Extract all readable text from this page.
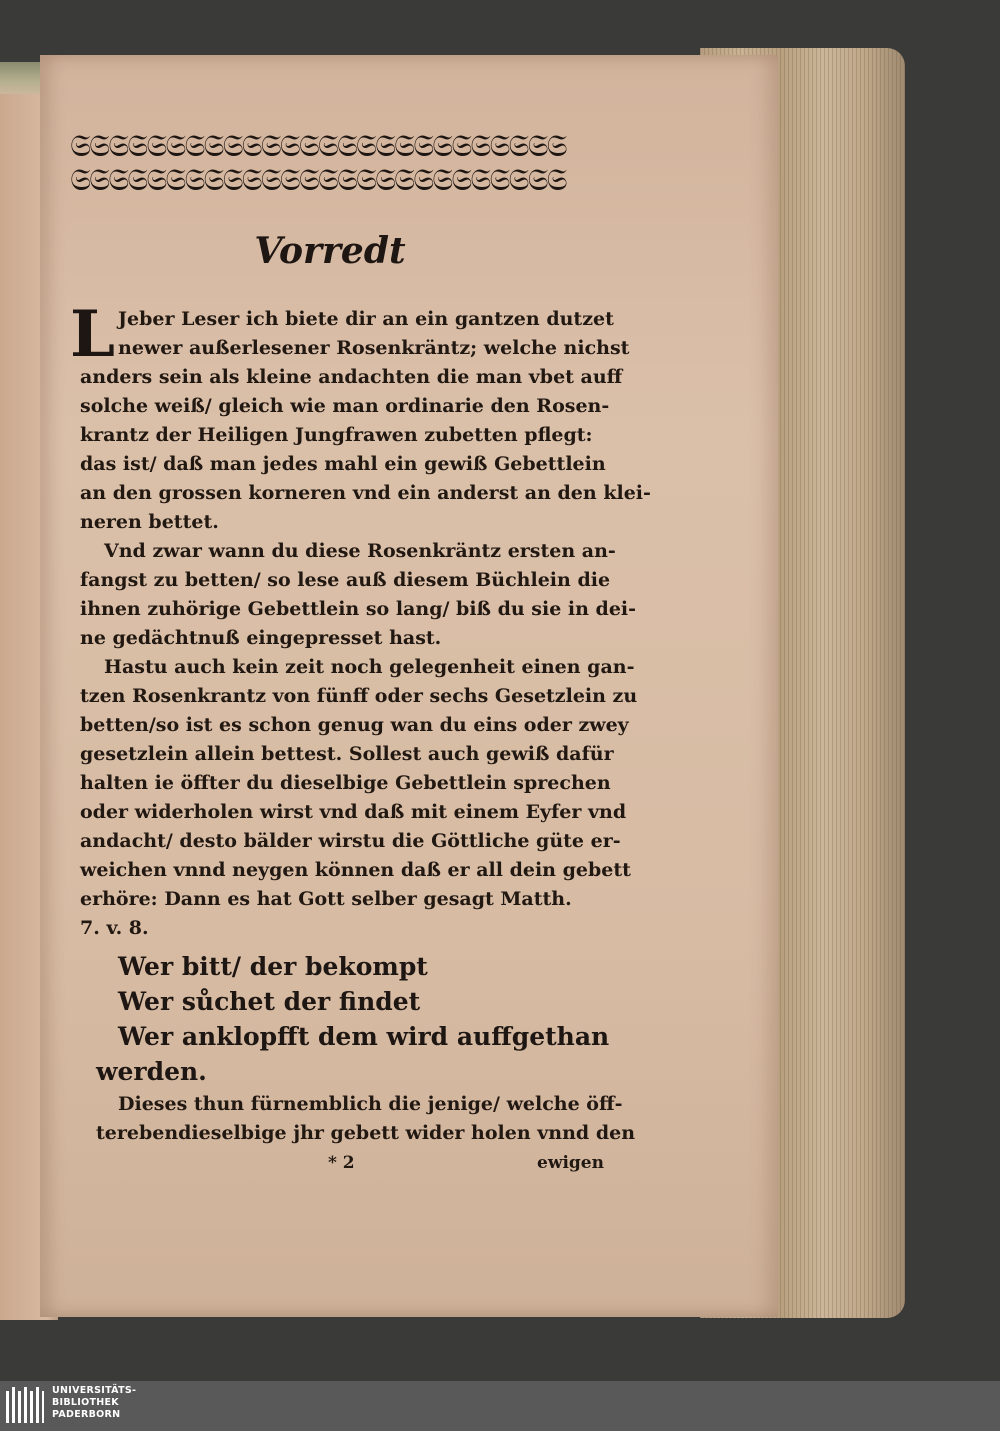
𝔖𝔖𝔖𝔖𝔖𝔖𝔖𝔖𝔖𝔖𝔖𝔖𝔖𝔖𝔖𝔖𝔖𝔖𝔖𝔖𝔖𝔖𝔖𝔖𝔖𝔖
𝔖𝔖𝔖𝔖𝔖𝔖𝔖𝔖𝔖𝔖𝔖𝔖𝔖𝔖𝔖𝔖𝔖𝔖𝔖𝔖𝔖𝔖𝔖𝔖𝔖𝔖
Vorredt
L Jeber Leser ich biete dir an ein gantzen dutzet
newer außerlesener Rosenkräntz; welche nichst
anders sein als kleine andachten die man vbet auff
solche weiß/ gleich wie man ordinarie den Rosen-
krantz der Heiligen Jungfrawen zubetten pflegt:
das ist/ daß man jedes mahl ein gewiß Gebettlein
an den grossen korneren vnd ein anderst an den klei-
neren bettet.
Vnd zwar wann du diese Rosenkräntz ersten an-
fangst zu betten/ so lese auß diesem Büchlein die
ihnen zuhörige Gebettlein so lang/ biß du sie in dei-
ne gedächtnuß eingepresset hast.
Hastu auch kein zeit noch gelegenheit einen gan-
tzen Rosenkrantz von fünff oder sechs Gesetzlein zu
betten/so ist es schon genug wan du eins oder zwey
gesetzlein allein bettest. Sollest auch gewiß dafür
halten ie öffter du dieselbige Gebettlein sprechen
oder widerholen wirst vnd daß mit einem Eyfer vnd
andacht/ desto bälder wirstu die Göttliche güte er-
weichen vnnd neygen können daß er all dein gebett
erhöre: Dann es hat Gott selber gesagt Matth.
7. v. 8.
Wer bitt/ der bekompt
Wer sůchet der findet
Wer anklopfft dem wird auffgethan
werden.
Dieses thun fürnemblich die jenige/ welche öff-
terebendieselbige jhr gebett wider holen vnnd den
* 2	ewigen
UNIVERSITÄTS-
BIBLIOTHEK
PADERBORN
